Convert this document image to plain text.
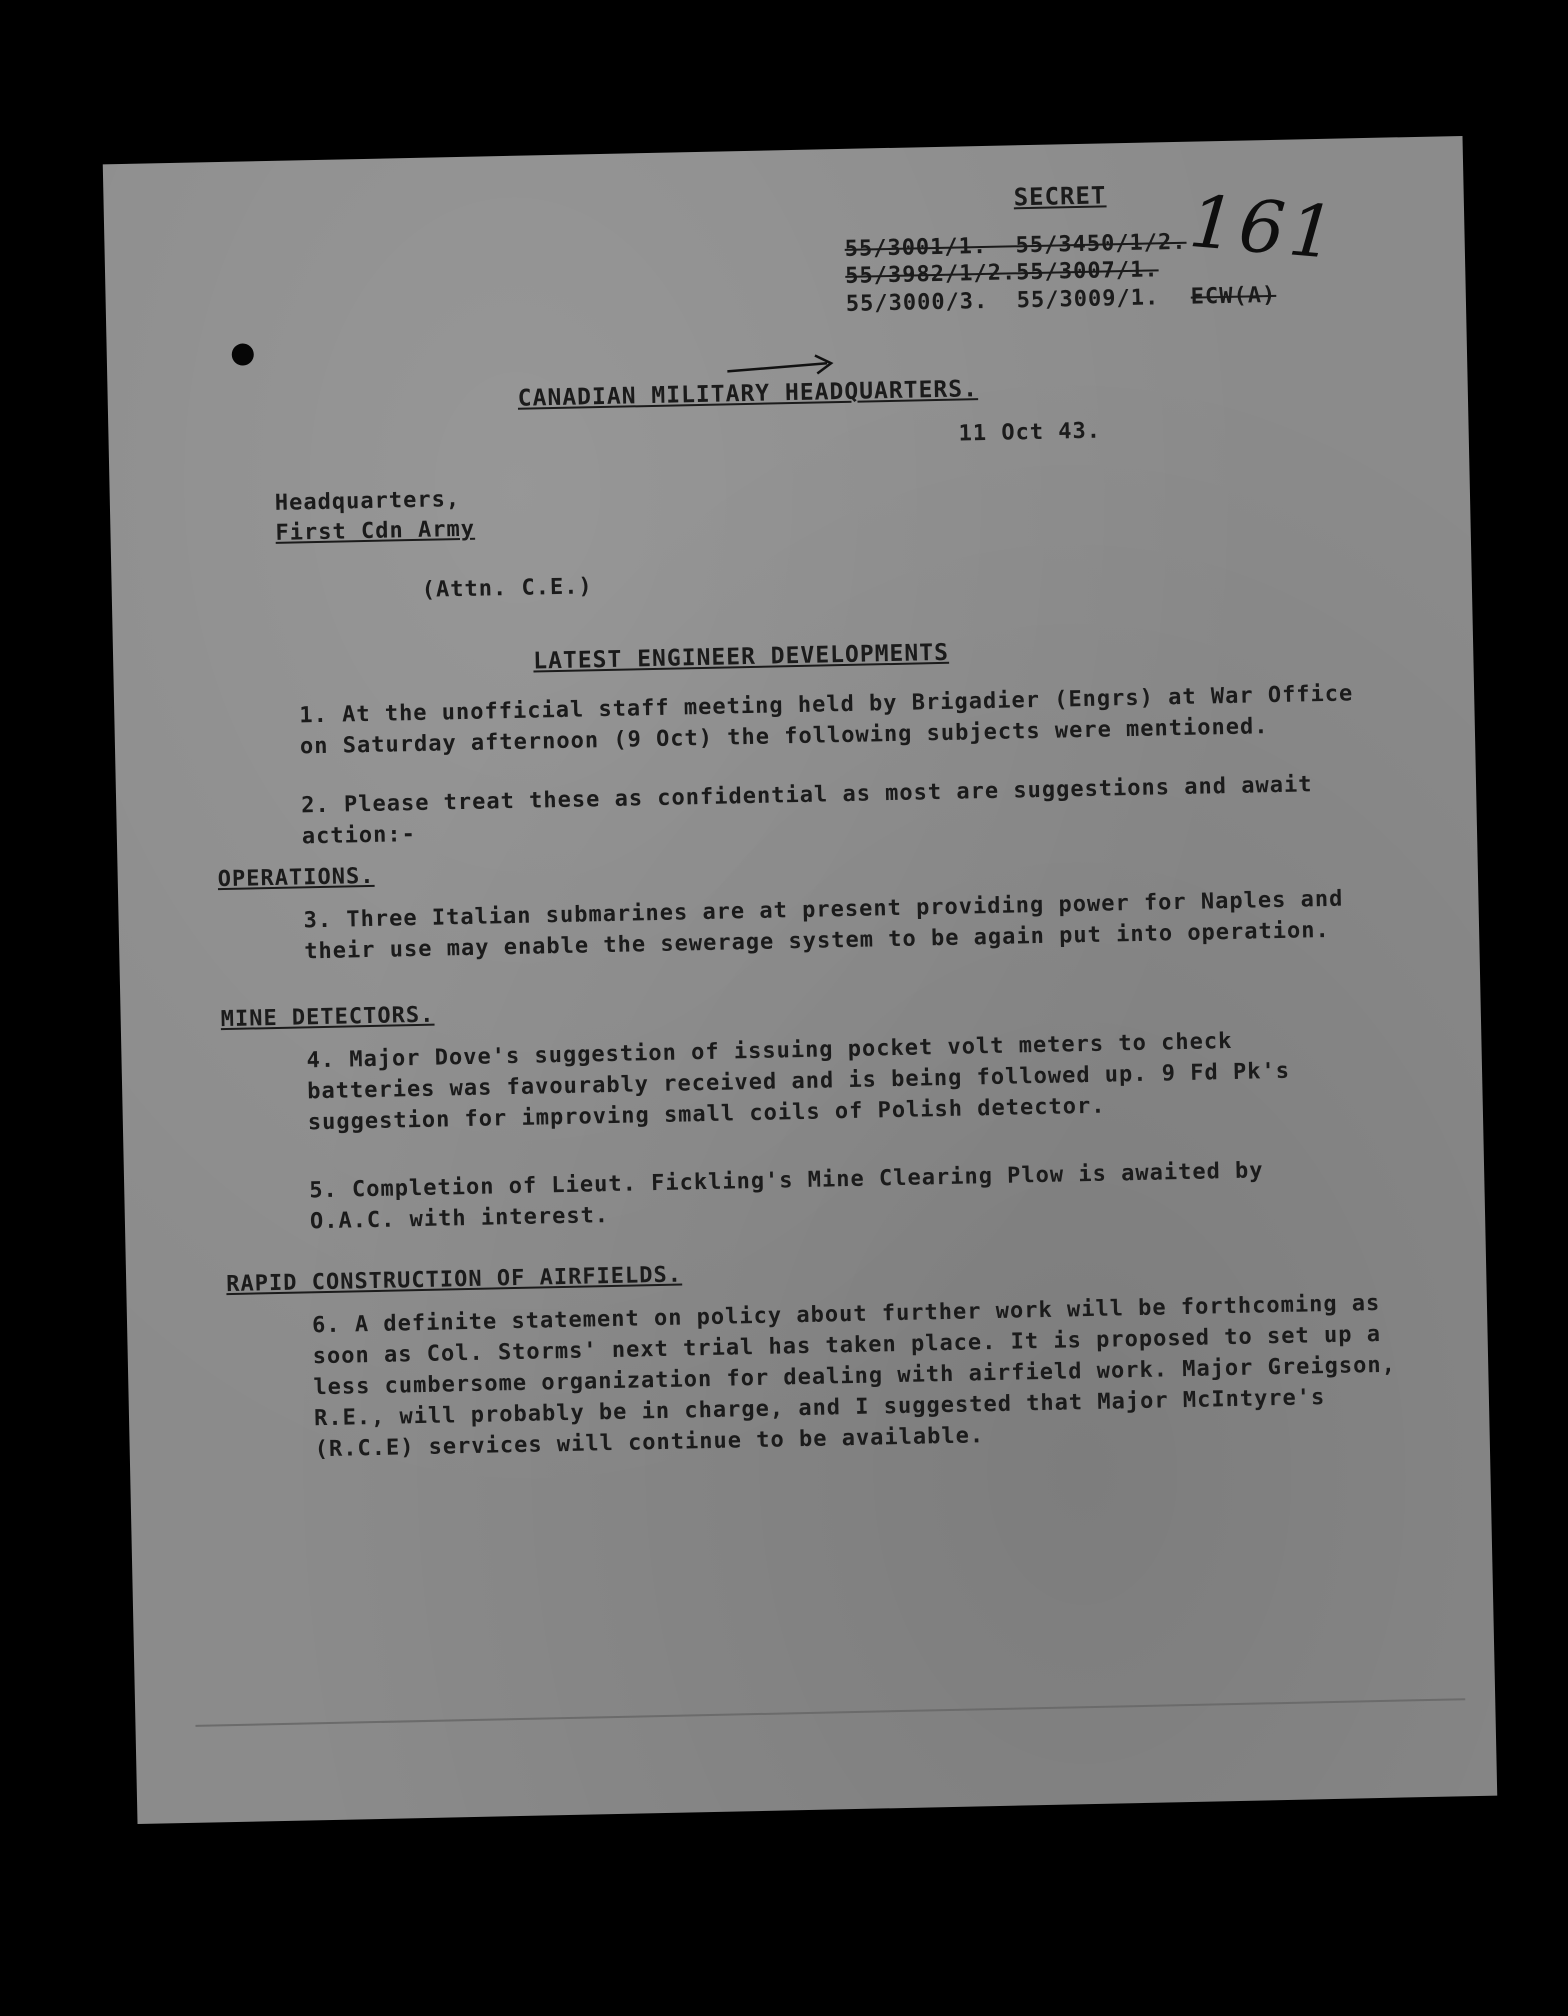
161
SECRET
55/3001/1.  55/3450/1/2.
55/3982/1/2.55/3007/1.
55/3000/3.  55/3009/1. ECW(A)
CANADIAN MILITARY HEADQUARTERS.
11 Oct 43.
Headquarters,
First Cdn Army
(Attn. C.E.)
LATEST ENGINEER DEVELOPMENTS
1. At the unofficial staff meeting held by Brigadier (Engrs) at War Office on Saturday afternoon (9 Oct) the following subjects were mentioned.
2. Please treat these as confidential as most are suggestions and await action:-
OPERATIONS.
3. Three Italian submarines are at present providing power for Naples and their use may enable the sewerage system to be again put into operation.
MINE DETECTORS.
4. Major Dove's suggestion of issuing pocket volt meters to check batteries was favourably received and is being followed up. 9 Fd Pk's suggestion for improving small coils of Polish detector.
5. Completion of Lieut. Fickling's Mine Clearing Plow is awaited by O.A.C. with interest.
RAPID CONSTRUCTION OF AIRFIELDS.
6. A definite statement on policy about further work will be forthcoming as soon as Col. Storms' next trial has taken place. It is proposed to set up a less cumbersome organization for dealing with airfield work. Major Greigson, R.E., will probably be in charge, and I suggested that Major McIntyre's (R.C.E) services will continue to be available.
